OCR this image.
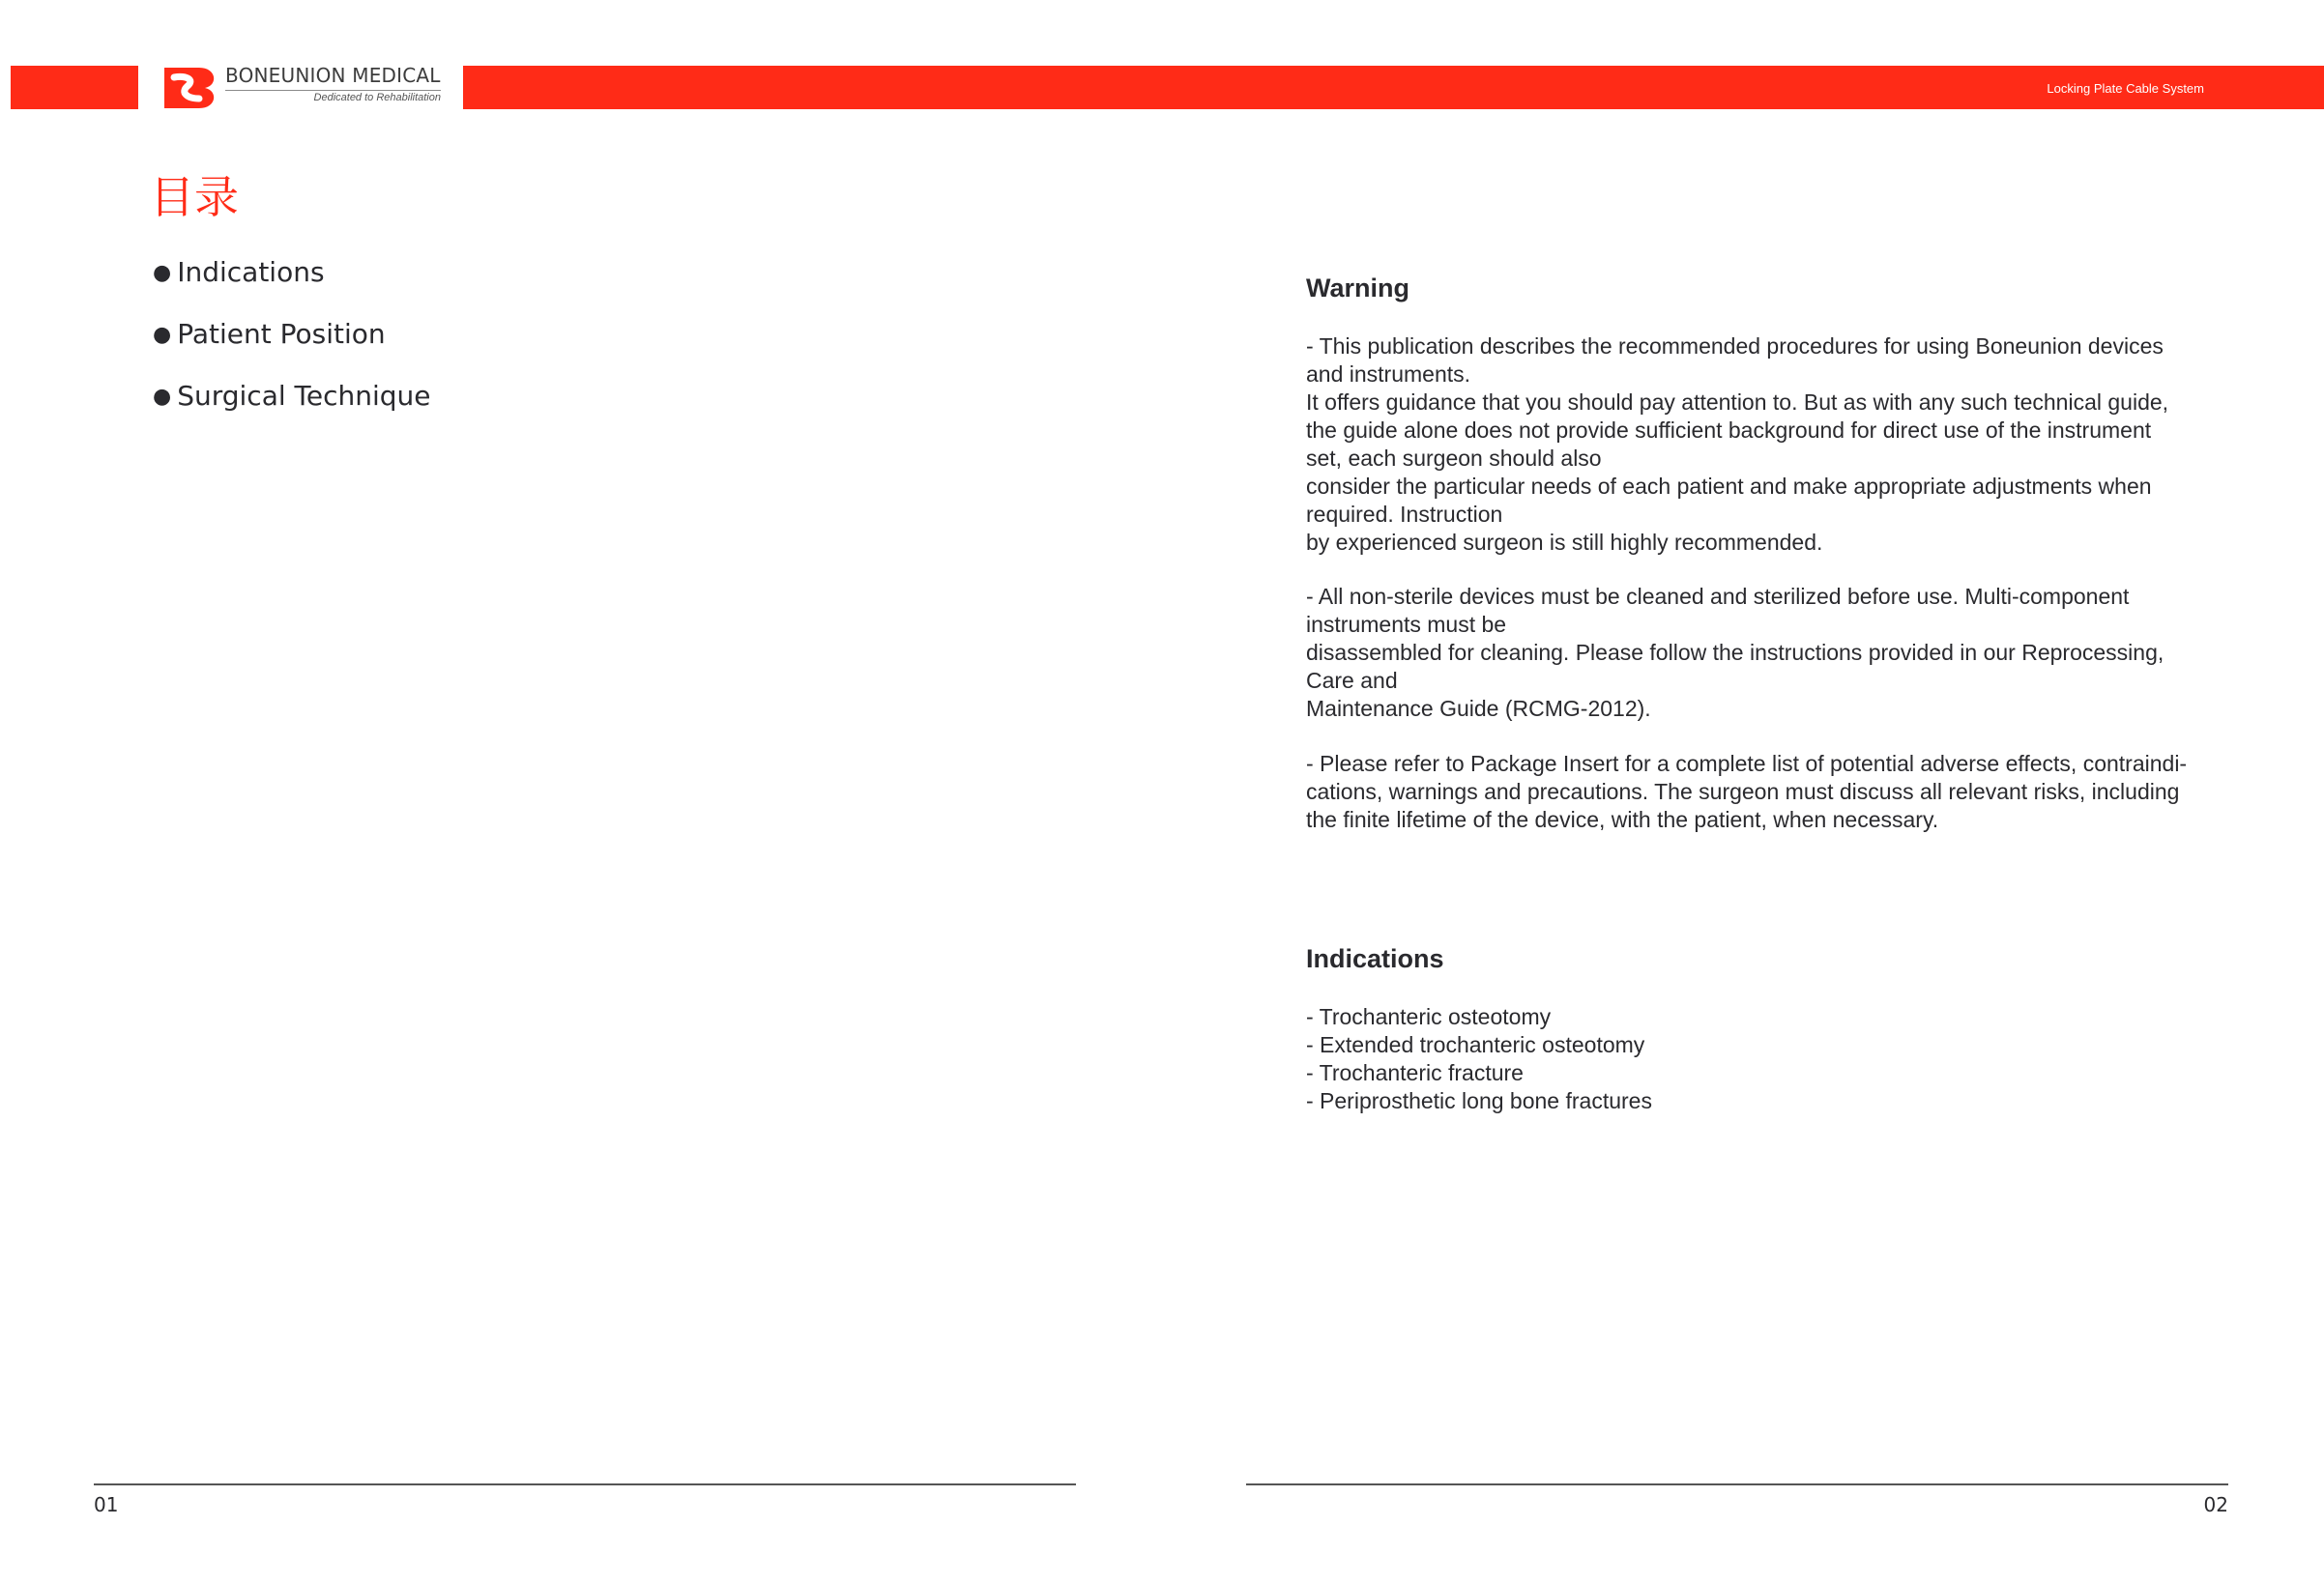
BONEUNION MEDICAL
Dedicated to Rehabilitation
Locking Plate Cable System
目录
● Indications
● Patient Position
● Surgical Technique
Warning
- This publication describes the recommended procedures for using Boneunion devices
and instruments.
It offers guidance that you should pay attention to. But as with any such technical guide,
the guide alone does not provide sufficient background for direct use of the instrument
set, each surgeon should also
consider the particular needs of each patient and make appropriate adjustments when
required. Instruction
by experienced surgeon is still highly recommended.
- All non-sterile devices must be cleaned and sterilized before use. Multi-component
instruments must be
disassembled for cleaning. Please follow the instructions provided in our Reprocessing,
Care and
Maintenance Guide (RCMG-2012).
- Please refer to Package Insert for a complete list of potential adverse effects, contraindi-
cations, warnings and precautions. The surgeon must discuss all relevant risks, including
the finite lifetime of the device, with the patient, when necessary.
Indications
- Trochanteric osteotomy
- Extended trochanteric osteotomy
- Trochanteric fracture
- Periprosthetic long bone fractures
01	02
